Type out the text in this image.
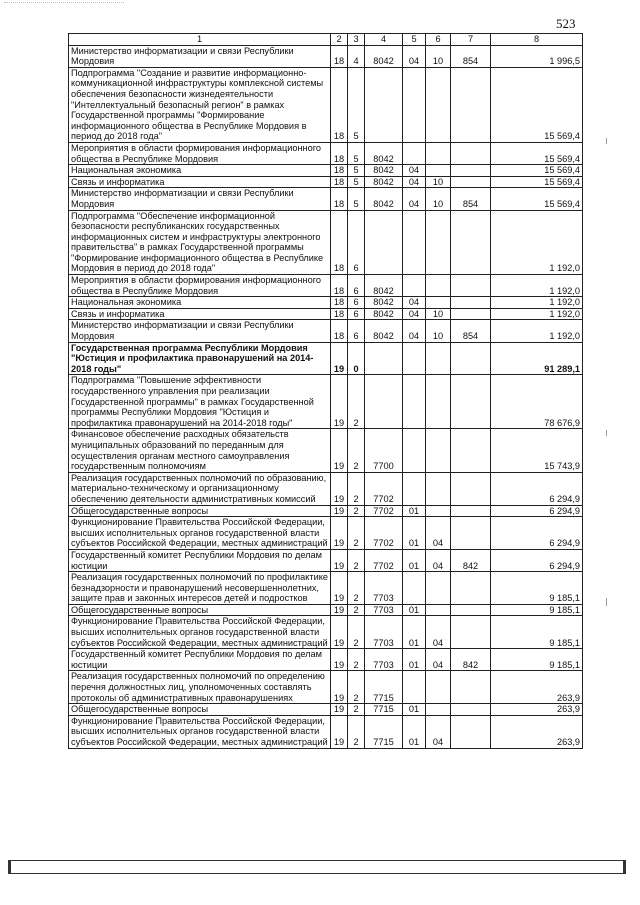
523
1	2	3	4	5	6	7	8
Министерство информатизации и связи Республики Мордовия	18	4	8042	04	10	854	1 996,5
Подпрограмма "Создание и развитие информационно-коммуникационной инфраструктуры комплексной системы обеспечения безопасности жизнедеятельности "Интеллектуальный безопасный регион" в рамках Государственной программы "Формирование информационного общества в Республике Мордовия в период до 2018 года"	18	5					15 569,4
Мероприятия в области формирования информационного общества в Республике Мордовия	18	5	8042				15 569,4
Национальная экономика	18	5	8042	04			15 569,4
Связь и информатика	18	5	8042	04	10		15 569,4
Министерство информатизации и связи Республики Мордовия	18	5	8042	04	10	854	15 569,4
Подпрограмма "Обеспечение информационной безопасности республиканских государственных информационных систем и инфраструктуры электронного правительства" в рамках Государственной программы "Формирование информационного общества в Республике Мордовия в период до 2018 года"	18	6					1 192,0
Мероприятия в области формирования информационного общества в Республике Мордовия	18	6	8042				1 192,0
Национальная экономика	18	6	8042	04			1 192,0
Связь и информатика	18	6	8042	04	10		1 192,0
Министерство информатизации и связи Республики Мордовия	18	6	8042	04	10	854	1 192,0
Государственная программа Республики Мордовия "Юстиция и профилактика правонарушений на 2014-2018 годы"	19	0					91 289,1
Подпрограмма "Повышение эффективности государственного управления при реализации Государственной программы" в рамках Государственной программы Республики Мордовия "Юстиция и профилактика правонарушений на 2014-2018 годы"	19	2					78 676,9
Финансовое обеспечение расходных обязательств муниципальных образований по переданным для осуществления органам местного самоуправления государственным полномочиям	19	2	7700				15 743,9
Реализация государственных полномочий по образованию, материально-техническому и организационному обеспечению деятельности административных комиссий	19	2	7702				6 294,9
Общегосударственные вопросы	19	2	7702	01			6 294,9
Функционирование Правительства Российской Федерации, высших исполнительных органов государственной власти субъектов Российской Федерации, местных администраций	19	2	7702	01	04		6 294,9
Государственный комитет Республики Мордовия по делам юстиции	19	2	7702	01	04	842	6 294,9
Реализация государственных полномочий по профилактике безнадзорности и правонарушений несовершеннолетних, защите прав и законных интересов детей и подростков	19	2	7703				9 185,1
Общегосударственные вопросы	19	2	7703	01			9 185,1
Функционирование Правительства Российской Федерации, высших исполнительных органов государственной власти субъектов Российской Федерации, местных администраций	19	2	7703	01	04		9 185,1
Государственный комитет Республики Мордовия по делам юстиции	19	2	7703	01	04	842	9 185,1
Реализация государственных полномочий по определению перечня должностных лиц, уполномоченных составлять протоколы об административных правонарушениях	19	2	7715				263,9
Общегосударственные вопросы	19	2	7715	01			263,9
Функционирование Правительства Российской Федерации, высших исполнительных органов государственной власти субъектов Российской Федерации, местных администраций	19	2	7715	01	04		263,9
